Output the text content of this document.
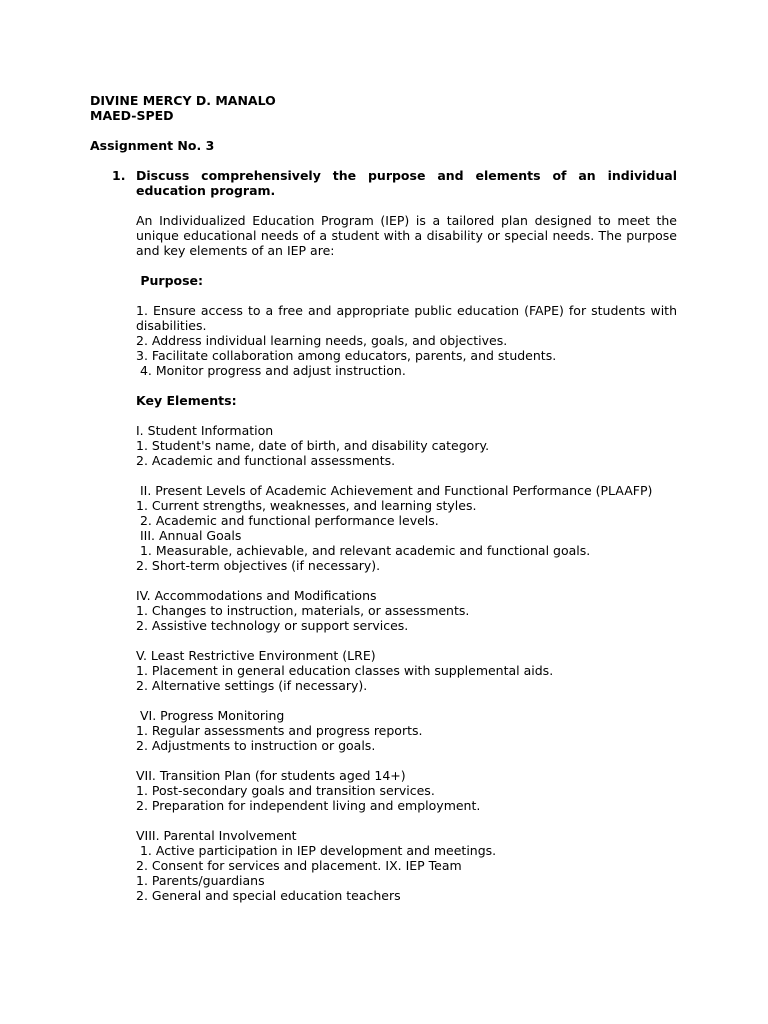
DIVINE MERCY D. MANALO
MAED-SPED
Assignment No. 3
1. Discuss comprehensively the purpose and elements of an individual education program.
An Individualized Education Program (IEP) is a tailored plan designed to meet the unique educational needs of a student with a disability or special needs. The purpose and key elements of an IEP are:
Purpose:
1. Ensure access to a free and appropriate public education (FAPE) for students with disabilities.
2. Address individual learning needs, goals, and objectives.
3. Facilitate collaboration among educators, parents, and students.
4. Monitor progress and adjust instruction.
Key Elements:
I. Student Information
1. Student's name, date of birth, and disability category.
2. Academic and functional assessments.
II. Present Levels of Academic Achievement and Functional Performance (PLAAFP)
1. Current strengths, weaknesses, and learning styles.
2. Academic and functional performance levels.
III. Annual Goals
1. Measurable, achievable, and relevant academic and functional goals.
2. Short-term objectives (if necessary).
IV. Accommodations and Modifications
1. Changes to instruction, materials, or assessments.
2. Assistive technology or support services.
V. Least Restrictive Environment (LRE)
1. Placement in general education classes with supplemental aids.
2. Alternative settings (if necessary).
VI. Progress Monitoring
1. Regular assessments and progress reports.
2. Adjustments to instruction or goals.
VII. Transition Plan (for students aged 14+)
1. Post-secondary goals and transition services.
2. Preparation for independent living and employment.
VIII. Parental Involvement
1. Active participation in IEP development and meetings.
2. Consent for services and placement. IX. IEP Team
1. Parents/guardians
2. General and special education teachers
